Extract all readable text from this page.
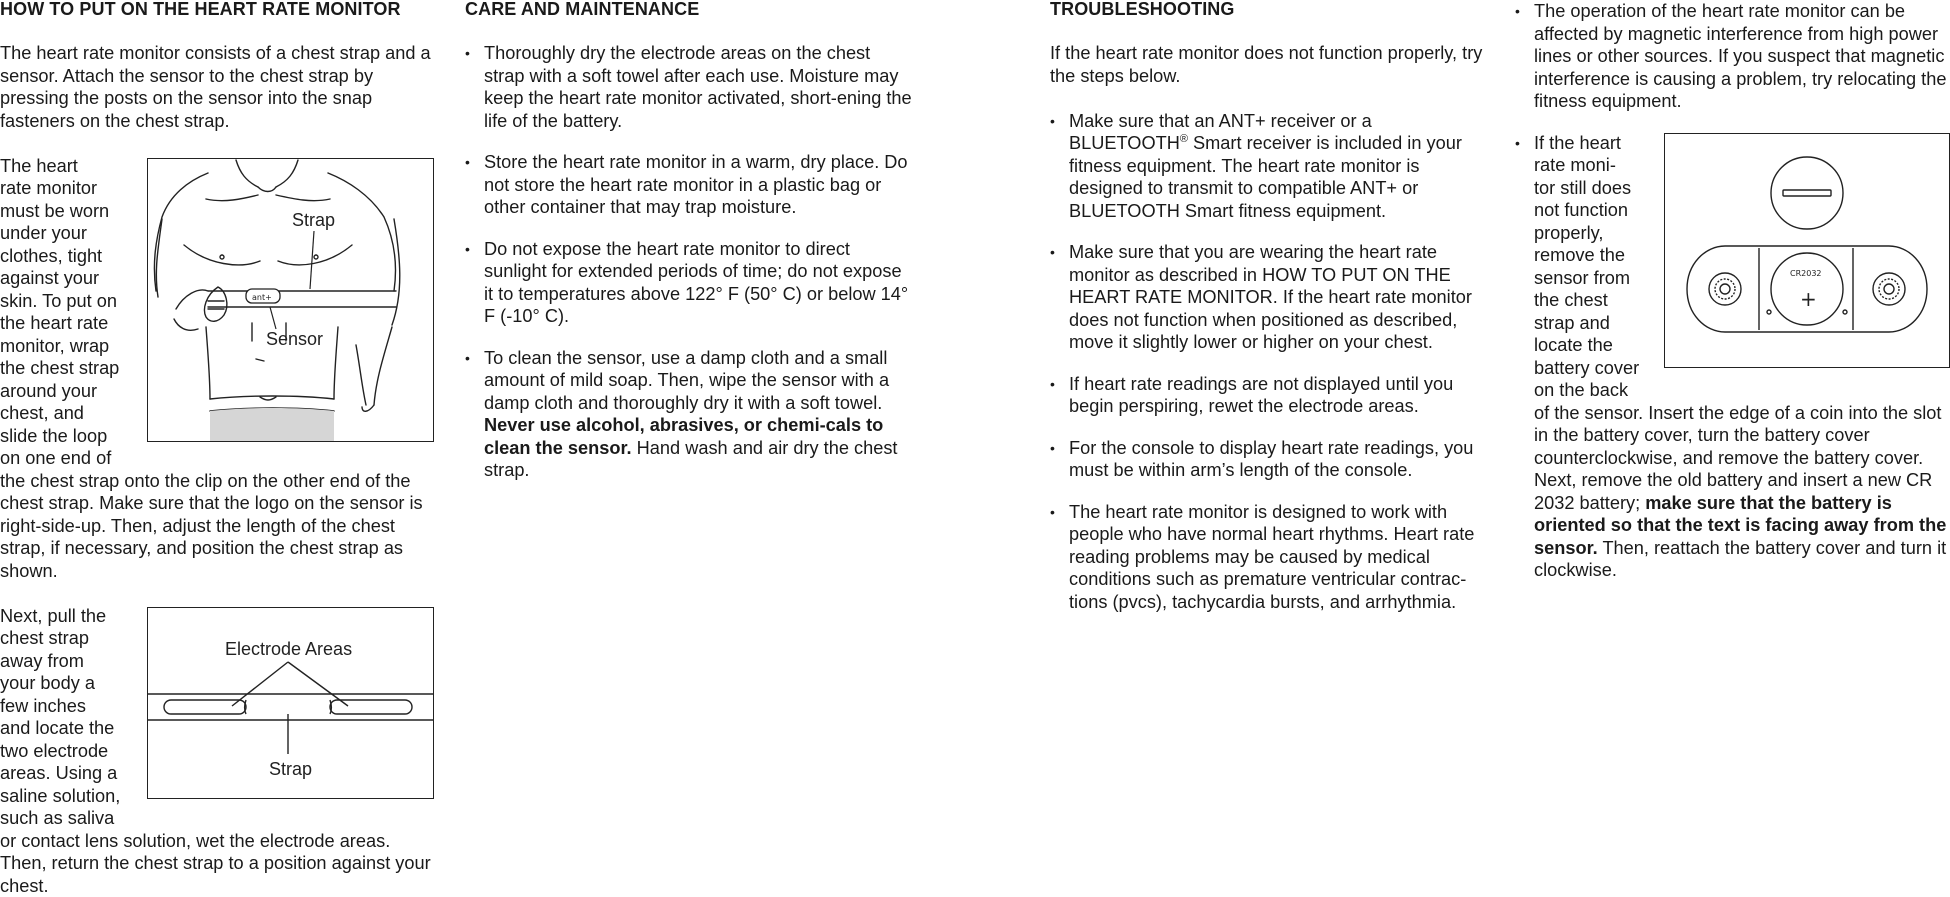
HOW TO PUT ON THE HEART RATE MONITOR

The heart rate monitor consists of a chest strap and a sensor. Attach the sensor to the chest strap by pressing the posts on the sensor into the snap fasteners on the chest strap.

The heart
rate monitor
must be worn
under your
clothes, tight
against your
skin. To put on
the heart rate
monitor, wrap
the chest strap
around your
chest, and
slide the loop
on one end of

the chest strap onto the clip on the other end of the chest strap. Make sure that the logo on the sensor is right-side-up. Then, adjust the length of the chest strap, if necessary, and position the chest strap as shown.

Next, pull the
chest strap
away from
your body a
few inches
and locate the
two electrode
areas. Using a
saline solution,
such as saliva

or contact lens solution, wet the electrode areas. Then, return the chest strap to a position against your chest.

ant+
Strap
Sensor
Electrode Areas
Strap
CARE AND MAINTENANCE
• Thoroughly dry the electrode areas on the chest strap with a soft towel after each use. Moisture may keep the heart rate monitor activated, short-ening the life of the battery.
• Store the heart rate monitor in a warm, dry place. Do not store the heart rate monitor in a plastic bag or other container that may trap moisture.
• Do not expose the heart rate monitor to direct sunlight for extended periods of time; do not expose it to temperatures above 122° F (50° C) or below 14° F (-10° C).
• To clean the sensor, use a damp cloth and a small amount of mild soap. Then, wipe the sensor with a damp cloth and thoroughly dry it with a soft towel. Never use alcohol, abrasives, or chemi-cals to clean the sensor. Hand wash and air dry the chest strap.
TROUBLESHOOTING

If the heart rate monitor does not function properly, try the steps below.

• Make sure that an ANT+ receiver or a BLUETOOTH® Smart receiver is included in your fitness equipment. The heart rate monitor is designed to transmit to compatible ANT+ or BLUETOOTH Smart fitness equipment.
• Make sure that you are wearing the heart rate monitor as described in HOW TO PUT ON THE HEART RATE MONITOR. If the heart rate monitor does not function when positioned as described, move it slightly lower or higher on your chest.
• If heart rate readings are not displayed until you begin perspiring, rewet the electrode areas.
• For the console to display heart rate readings, you must be within arm’s length of the console.
• The heart rate monitor is designed to work with people who have normal heart rhythms. Heart rate reading problems may be caused by medical conditions such as premature ventricular contrac-tions (pvcs), tachycardia bursts, and arrhythmia.
• The operation of the heart rate monitor can be affected by magnetic interference from high power lines or other sources. If you suspect that magnetic interference is causing a problem, try relocating the fitness equipment.
• If the heart
rate moni-
tor still does
not function
properly,
remove the
sensor from
the chest
strap and
locate the
battery cover
on the back
of the sensor. Insert the edge of a coin into the slot in the battery cover, turn the battery cover counterclockwise, and remove the battery cover. Next, remove the old battery and insert a new CR 2032 battery; make sure that the battery is oriented so that the text is facing away from the sensor. Then, reattach the battery cover and turn it clockwise.
CR2032
+
